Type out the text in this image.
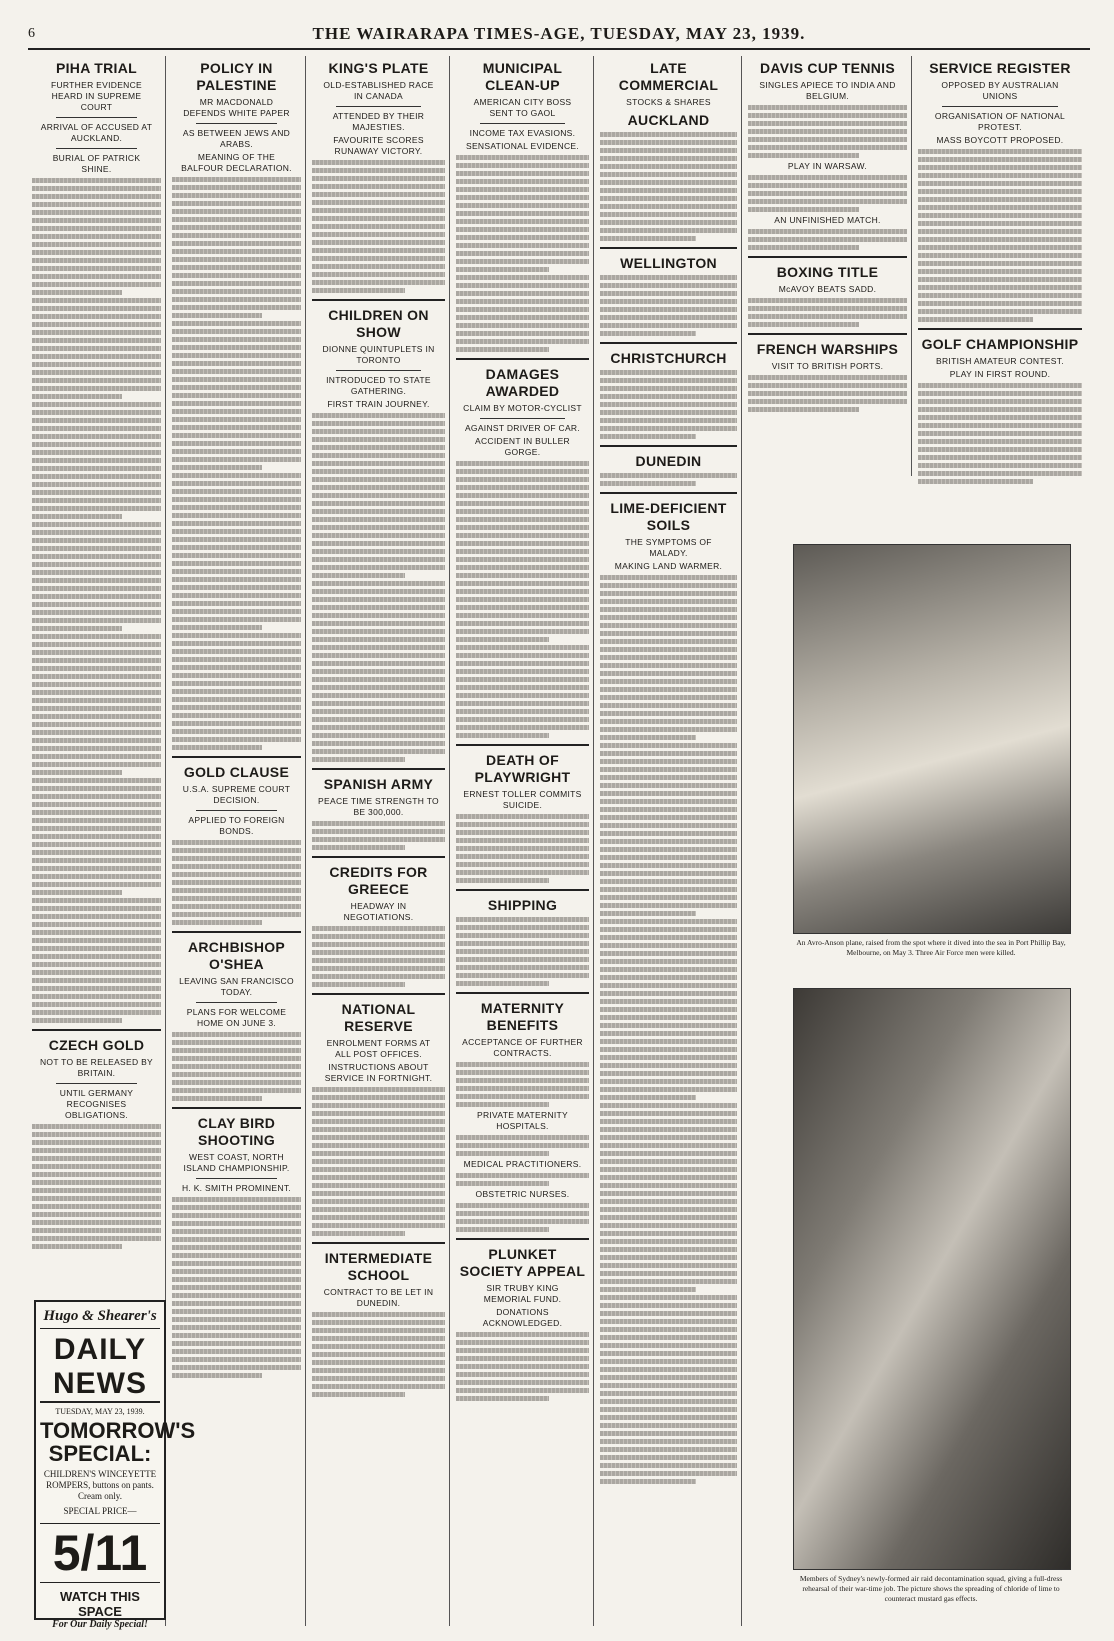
6	THE WAIRARAPA TIMES-AGE, TUESDAY, MAY 23, 1939.
PIHA TRIAL
FURTHER EVIDENCE HEARD IN SUPREME COURT
ARRIVAL OF ACCUSED AT AUCKLAND.
BURIAL OF PATRICK SHINE.
CZECH GOLD
NOT TO BE RELEASED BY BRITAIN.
UNTIL GERMANY RECOGNISES OBLIGATIONS.
Hugo & Shearer's
DAILY NEWS
TUESDAY, MAY 23, 1939.
TOMORROW'S SPECIAL:
CHILDREN'S WINCEYETTE ROMPERS, buttons on pants. Cream only.
SPECIAL PRICE—
5/11
WATCH THIS SPACE
For Our Daily Special!
POLICY IN PALESTINE
MR MACDONALD DEFENDS WHITE PAPER
AS BETWEEN JEWS AND ARABS.
MEANING OF THE BALFOUR DECLARATION.
GOLD CLAUSE
U.S.A. SUPREME COURT DECISION.
APPLIED TO FOREIGN BONDS.
ARCHBISHOP O'SHEA
LEAVING SAN FRANCISCO TODAY.
PLANS FOR WELCOME HOME ON JUNE 3.
CLAY BIRD SHOOTING
WEST COAST, NORTH ISLAND CHAMPIONSHIP.
H. K. SMITH PROMINENT.
KING'S PLATE
OLD-ESTABLISHED RACE IN CANADA
ATTENDED BY THEIR MAJESTIES.
FAVOURITE SCORES RUNAWAY VICTORY.
CHILDREN ON SHOW
DIONNE QUINTUPLETS IN TORONTO
INTRODUCED TO STATE GATHERING.
FIRST TRAIN JOURNEY.
SPANISH ARMY
PEACE TIME STRENGTH TO BE 300,000.
CREDITS FOR GREECE
HEADWAY IN NEGOTIATIONS.
NATIONAL RESERVE
ENROLMENT FORMS AT ALL POST OFFICES.
INSTRUCTIONS ABOUT SERVICE IN FORTNIGHT.
INTERMEDIATE SCHOOL
CONTRACT TO BE LET IN DUNEDIN.
MUNICIPAL CLEAN-UP
AMERICAN CITY BOSS SENT TO GAOL
INCOME TAX EVASIONS.
SENSATIONAL EVIDENCE.
DAMAGES AWARDED
CLAIM BY MOTOR-CYCLIST
AGAINST DRIVER OF CAR.
ACCIDENT IN BULLER GORGE.
DEATH OF PLAYWRIGHT
ERNEST TOLLER COMMITS SUICIDE.
SHIPPING
MATERNITY BENEFITS
ACCEPTANCE OF FURTHER CONTRACTS.
PRIVATE MATERNITY HOSPITALS.
MEDICAL PRACTITIONERS.
OBSTETRIC NURSES.
PLUNKET SOCIETY APPEAL
SIR TRUBY KING MEMORIAL FUND.
DONATIONS ACKNOWLEDGED.
LATE COMMERCIAL
STOCKS & SHARES
AUCKLAND
WELLINGTON
CHRISTCHURCH
DUNEDIN
LIME-DEFICIENT SOILS
THE SYMPTOMS OF MALADY.
MAKING LAND WARMER.
DAVIS CUP TENNIS
SINGLES APIECE TO INDIA AND BELGIUM.
PLAY IN WARSAW.
AN UNFINISHED MATCH.
BOXING TITLE
McAVOY BEATS SADD.
FRENCH WARSHIPS
VISIT TO BRITISH PORTS.
SERVICE REGISTER
OPPOSED BY AUSTRALIAN UNIONS
ORGANISATION OF NATIONAL PROTEST.
MASS BOYCOTT PROPOSED.
GOLF CHAMPIONSHIP
BRITISH AMATEUR CONTEST.
PLAY IN FIRST ROUND.
An Avro-Anson plane, raised from the spot where it dived into the sea in Port Phillip Bay, Melbourne, on May 3. Three Air Force men were killed.
Members of Sydney's newly-formed air raid decontamination squad, giving a full-dress rehearsal of their war-time job. The picture shows the spreading of chloride of lime to counteract mustard gas effects.
